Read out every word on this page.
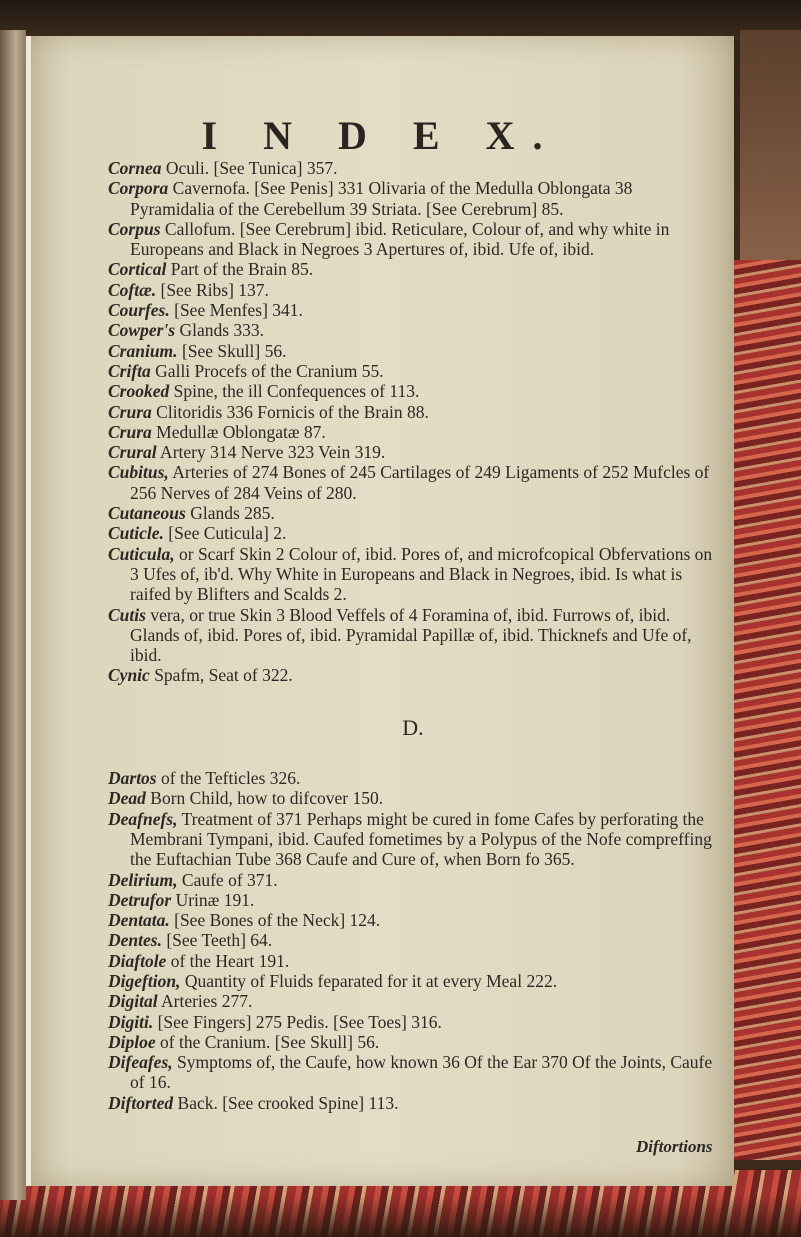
I N D E X.

Cornea Oculi. [See Tunica] 357.

Corpora Cavernofa. [See Penis] 331 Olivaria of the Medulla Oblongata 38 Pyramidalia of the Cerebellum 39 Striata. [See Cerebrum] 85.

Corpus Callofum. [See Cerebrum] ibid. Reticulare, Colour of, and why white in Europeans and Black in Negroes 3 Apertures of, ibid. Ufe of, ibid.

Cortical Part of the Brain 85.

Coftæ. [See Ribs] 137.

Courfes. [See Menfes] 341.

Cowper's Glands 333.

Cranium. [See Skull] 56.

Crifta Galli Procefs of the Cranium 55.

Crooked Spine, the ill Confequences of 113.

Crura Clitoridis 336 Fornicis of the Brain 88.

Crura Medullæ Oblongatæ 87.

Crural Artery 314 Nerve 323 Vein 319.

Cubitus, Arteries of 274 Bones of 245 Cartilages of 249 Ligaments of 252 Mufcles of 256 Nerves of 284 Veins of 280.

Cutaneous Glands 285.

Cuticle. [See Cuticula] 2.

Cuticula, or Scarf Skin 2 Colour of, ibid. Pores of, and microfcopical Obfervations on 3 Ufes of, ib'd. Why White in Europeans and Black in Negroes, ibid. Is what is raifed by Blifters and Scalds 2.

Cutis vera, or true Skin 3 Blood Veffels of 4 Foramina of, ibid. Furrows of, ibid. Glands of, ibid. Pores of, ibid. Pyramidal Papillæ of, ibid. Thicknefs and Ufe of, ibid.

Cynic Spafm, Seat of 322.

D.

Dartos of the Tefticles 326.

Dead Born Child, how to difcover 150.

Deafnefs, Treatment of 371 Perhaps might be cured in fome Cafes by perforating the Membrani Tympani, ibid. Caufed fometimes by a Polypus of the Nofe compreffing the Euftachian Tube 368 Caufe and Cure of, when Born fo 365.

Delirium, Caufe of 371.

Detrufor Urinæ 191.

Dentata. [See Bones of the Neck] 124.

Dentes. [See Teeth] 64.

Diaftole of the Heart 191.

Digeftion, Quantity of Fluids feparated for it at every Meal 222.

Digital Arteries 277.

Digiti. [See Fingers] 275 Pedis. [See Toes] 316.

Diploe of the Cranium. [See Skull] 56.

Difeafes, Symptoms of, the Caufe, how known 36 Of the Ear 370 Of the Joints, Caufe of 16.

Diftorted Back. [See crooked Spine] 113.

Diftortions
